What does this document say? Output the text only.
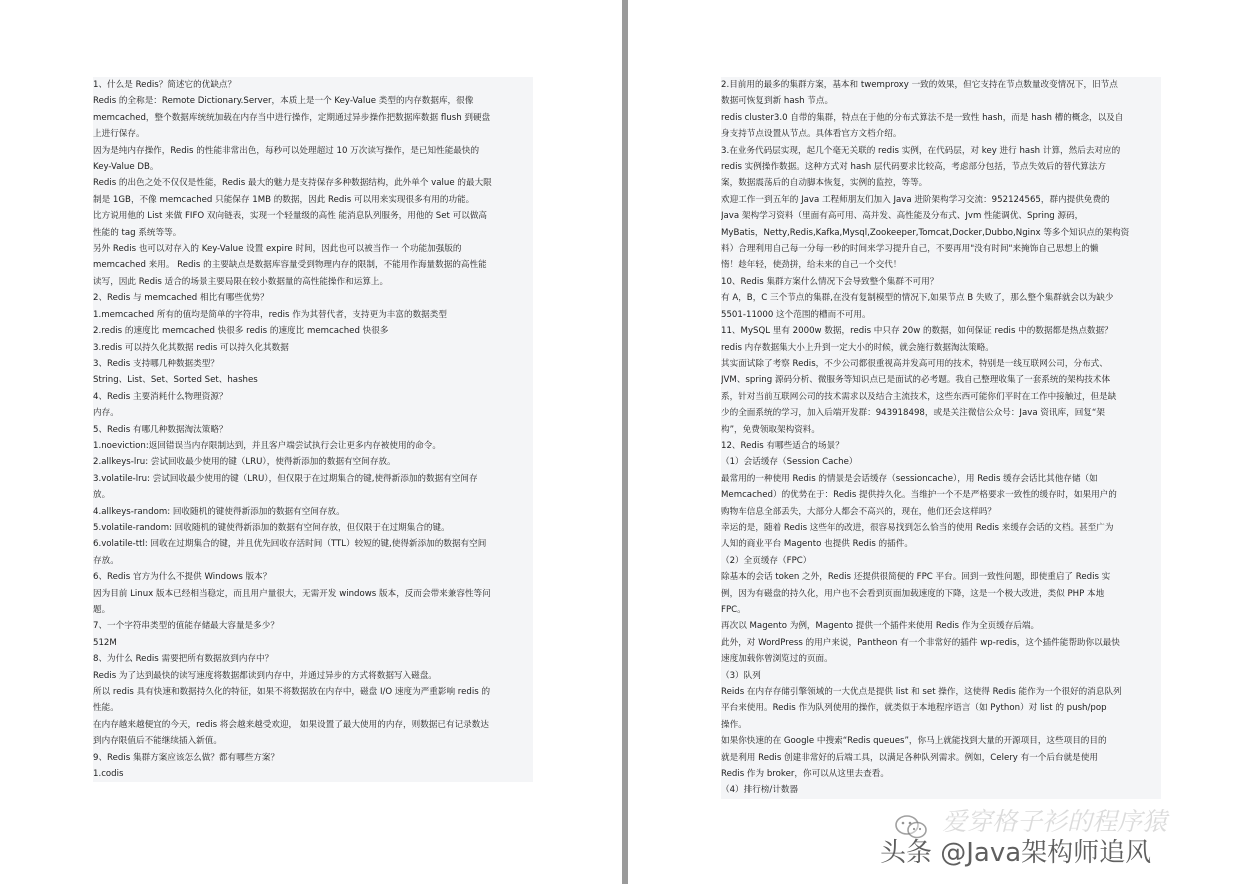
1、什么是 Redis？简述它的优缺点？

Redis 的全称是：Remote Dictionary.Server，本质上是一个 Key-Value 类型的内存数据库，很像

memcached，整个数据库统统加载在内存当中进行操作，定期通过异步操作把数据库数据 flush 到硬盘

上进行保存。

因为是纯内存操作，Redis 的性能非常出色，每秒可以处理超过 10 万次读写操作，是已知性能最快的

Key-Value DB。

Redis 的出色之处不仅仅是性能，Redis 最大的魅力是支持保存多种数据结构，此外单个 value 的最大限

制是 1GB，不像 memcached 只能保存 1MB 的数据，因此 Redis 可以用来实现很多有用的功能。

比方说用他的 List 来做 FIFO 双向链表，实现一个轻量级的高性 能消息队列服务，用他的 Set 可以做高

性能的 tag 系统等等。

另外 Redis 也可以对存入的 Key-Value 设置 expire 时间，因此也可以被当作一 个功能加强版的

memcached 来用。 Redis 的主要缺点是数据库容量受到物理内存的限制，不能用作海量数据的高性能

读写，因此 Redis 适合的场景主要局限在较小数据量的高性能操作和运算上。

2、Redis 与 memcached 相比有哪些优势？

1.memcached 所有的值均是简单的字符串，redis 作为其替代者，支持更为丰富的数据类型

2.redis 的速度比 memcached 快很多 redis 的速度比 memcached 快很多

3.redis 可以持久化其数据 redis 可以持久化其数据

3、Redis 支持哪几种数据类型？

String、List、Set、Sorted Set、hashes

4、Redis 主要消耗什么物理资源？

内存。

5、Redis 有哪几种数据淘汰策略？

1.noeviction:返回错误当内存限制达到，并且客户端尝试执行会让更多内存被使用的命令。

2.allkeys-lru: 尝试回收最少使用的键（LRU），使得新添加的数据有空间存放。

3.volatile-lru: 尝试回收最少使用的键（LRU），但仅限于在过期集合的键,使得新添加的数据有空间存

放。

4.allkeys-random: 回收随机的键使得新添加的数据有空间存放。

5.volatile-random: 回收随机的键使得新添加的数据有空间存放，但仅限于在过期集合的键。

6.volatile-ttl: 回收在过期集合的键，并且优先回收存活时间（TTL）较短的键,使得新添加的数据有空间

存放。

6、Redis 官方为什么不提供 Windows 版本？

因为目前 Linux 版本已经相当稳定，而且用户量很大，无需开发 windows 版本，反而会带来兼容性等问

题。

7、一个字符串类型的值能存储最大容量是多少？

512M

8、为什么 Redis 需要把所有数据放到内存中？

Redis 为了达到最快的读写速度将数据都读到内存中，并通过异步的方式将数据写入磁盘。

所以 redis 具有快速和数据持久化的特征，如果不将数据放在内存中，磁盘 I/O 速度为严重影响 redis 的

性能。

在内存越来越便宜的今天，redis 将会越来越受欢迎， 如果设置了最大使用的内存，则数据已有记录数达

到内存限值后不能继续插入新值。

9、Redis 集群方案应该怎么做？都有哪些方案？

1.codis

2.目前用的最多的集群方案，基本和 twemproxy 一致的效果，但它支持在节点数量改变情况下，旧节点

数据可恢复到新 hash 节点。

redis cluster3.0 自带的集群，特点在于他的分布式算法不是一致性 hash，而是 hash 槽的概念，以及自

身支持节点设置从节点。具体看官方文档介绍。

3.在业务代码层实现，起几个毫无关联的 redis 实例，在代码层，对 key 进行 hash 计算，然后去对应的

redis 实例操作数据。这种方式对 hash 层代码要求比较高，考虑部分包括，节点失效后的替代算法方

案，数据震荡后的自动脚本恢复，实例的监控，等等。

欢迎工作一到五年的 Java 工程师朋友们加入 Java 进阶架构学习交流：952124565，群内提供免费的

Java 架构学习资料（里面有高可用、高并发、高性能及分布式、Jvm 性能调优、Spring 源码，

MyBatis，Netty,Redis,Kafka,Mysql,Zookeeper,Tomcat,Docker,Dubbo,Nginx 等多个知识点的架构资

料）合理利用自己每一分每一秒的时间来学习提升自己，不要再用"没有时间"来掩饰自己思想上的懒

惰！趁年轻，使劲拼，给未来的自己一个交代！

10、Redis 集群方案什么情况下会导致整个集群不可用？

有 A，B，C 三个节点的集群,在没有复制模型的情况下,如果节点 B 失败了，那么整个集群就会以为缺少

5501-11000 这个范围的槽而不可用。

11、MySQL 里有 2000w 数据，redis 中只存 20w 的数据，如何保证 redis 中的数据都是热点数据？

redis 内存数据集大小上升到一定大小的时候，就会施行数据淘汰策略。

其实面试除了考察 Redis，不少公司都很重视高并发高可用的技术，特别是一线互联网公司，分布式、

JVM、spring 源码分析、微服务等知识点已是面试的必考题。我自己整理收集了一套系统的架构技术体

系，针对当前互联网公司的技术需求以及结合主流技术，这些东西可能你们平时在工作中接触过，但是缺

少的全面系统的学习，加入后端开发群：943918498，或是关注微信公众号：Java 资讯库，回复“架

构”，免费领取架构资料。

12、Redis 有哪些适合的场景？

（1）会话缓存（Session Cache）

最常用的一种使用 Redis 的情景是会话缓存（sessioncache），用 Redis 缓存会话比其他存储（如

Memcached）的优势在于：Redis 提供持久化。当维护一个不是严格要求一致性的缓存时，如果用户的

购物车信息全部丢失，大部分人都会不高兴的，现在，他们还会这样吗？

幸运的是，随着 Redis 这些年的改进，很容易找到怎么恰当的使用 Redis 来缓存会话的文档。甚至广为

人知的商业平台 Magento 也提供 Redis 的插件。

（2）全页缓存（FPC）

除基本的会话 token 之外，Redis 还提供很简便的 FPC 平台。回到一致性问题，即使重启了 Redis 实

例，因为有磁盘的持久化，用户也不会看到页面加载速度的下降，这是一个极大改进，类似 PHP 本地

FPC。

再次以 Magento 为例，Magento 提供一个插件来使用 Redis 作为全页缓存后端。

此外，对 WordPress 的用户来说，Pantheon 有一个非常好的插件 wp-redis，这个插件能帮助你以最快

速度加载你曾浏览过的页面。

（3）队列

Reids 在内存存储引擎领域的一大优点是提供 list 和 set 操作，这使得 Redis 能作为一个很好的消息队列

平台来使用。Redis 作为队列使用的操作，就类似于本地程序语言（如 Python）对 list 的 push/pop

操作。

如果你快速的在 Google 中搜索“Redis queues”，你马上就能找到大量的开源项目，这些项目的目的

就是利用 Redis 创建非常好的后端工具，以满足各种队列需求。例如，Celery 有一个后台就是使用

Redis 作为 broker，你可以从这里去查看。

（4）排行榜/计数器

爱穿格子衫的程序猿
头条 @Java架构师追风
